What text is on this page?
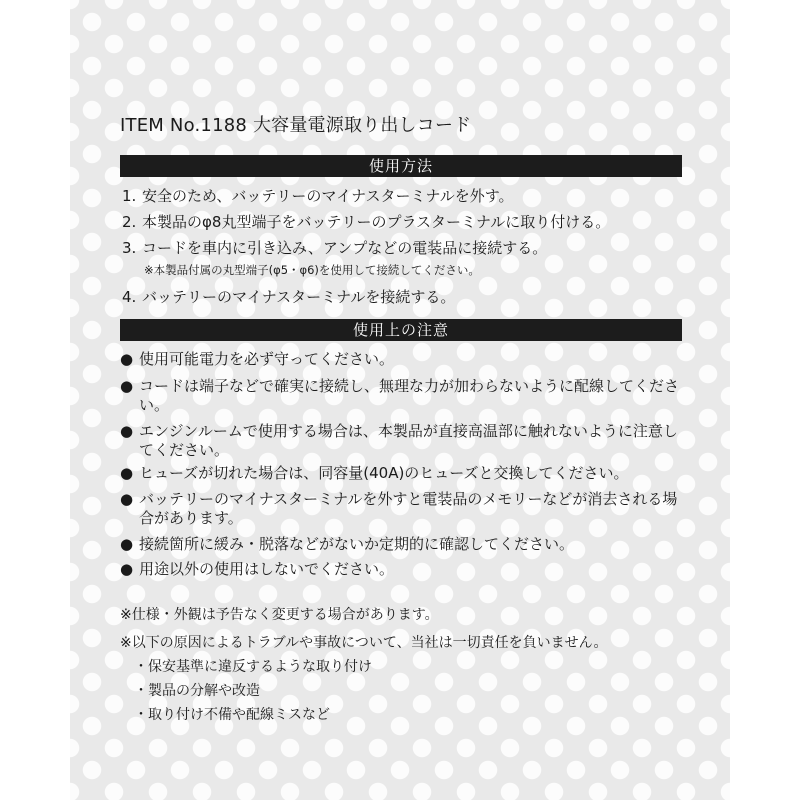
ITEM No.1188 大容量電源取り出しコード
使用方法
1. 安全のため、バッテリーのマイナスターミナルを外す。
2. 本製品のφ8丸型端子をバッテリーのプラスターミナルに取り付ける。
3. コードを車内に引き込み、アンプなどの電装品に接続する。
※本製品付属の丸型端子(φ5・φ6)を使用して接続してください。
4. バッテリーのマイナスターミナルを接続する。
使用上の注意
● 使用可能電力を必ず守ってください。
● コードは端子などで確実に接続し、無理な力が加わらないように配線してください。
● エンジンルームで使用する場合は、本製品が直接高温部に触れないように注意してください。
● ヒューズが切れた場合は、同容量(40A)のヒューズと交換してください。
● バッテリーのマイナスターミナルを外すと電装品のメモリーなどが消去される場合があります。
● 接続箇所に緩み・脱落などがないか定期的に確認してください。
● 用途以外の使用はしないでください。
※仕様・外観は予告なく変更する場合があります。
※以下の原因によるトラブルや事故について、当社は一切責任を負いません。
・保安基準に違反するような取り付け
・製品の分解や改造
・取り付け不備や配線ミスなど
